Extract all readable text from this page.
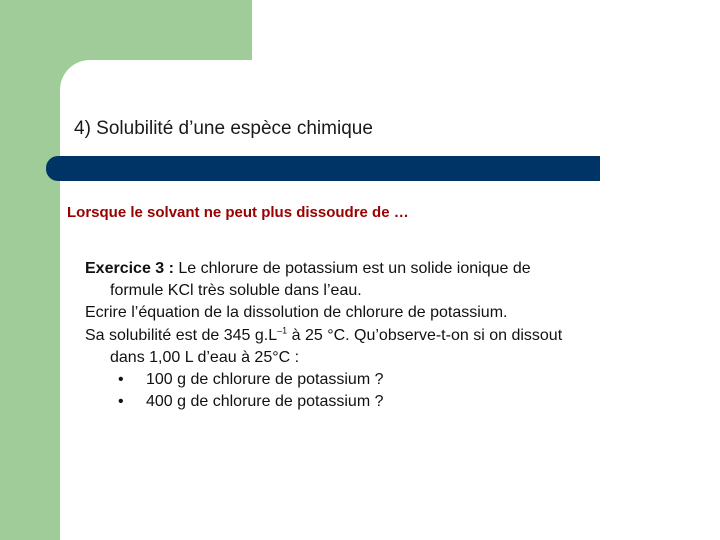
4) Solubilité d’une espèce chimique
Lorsque le solvant ne peut plus dissoudre de …
Exercice 3 : Le chlorure de potassium est un solide ionique de
formule KCl très soluble dans l’eau.
Ecrire l’équation de la dissolution de chlorure de potassium.
Sa solubilité est de 345 $g.L^{-1}$ à 25 °C. Qu’observe-t-on si on dissout
dans 1,00 L d’eau à 25°C :
• 100 g de chlorure de potassium ?
• 400 g de chlorure de potassium ?
